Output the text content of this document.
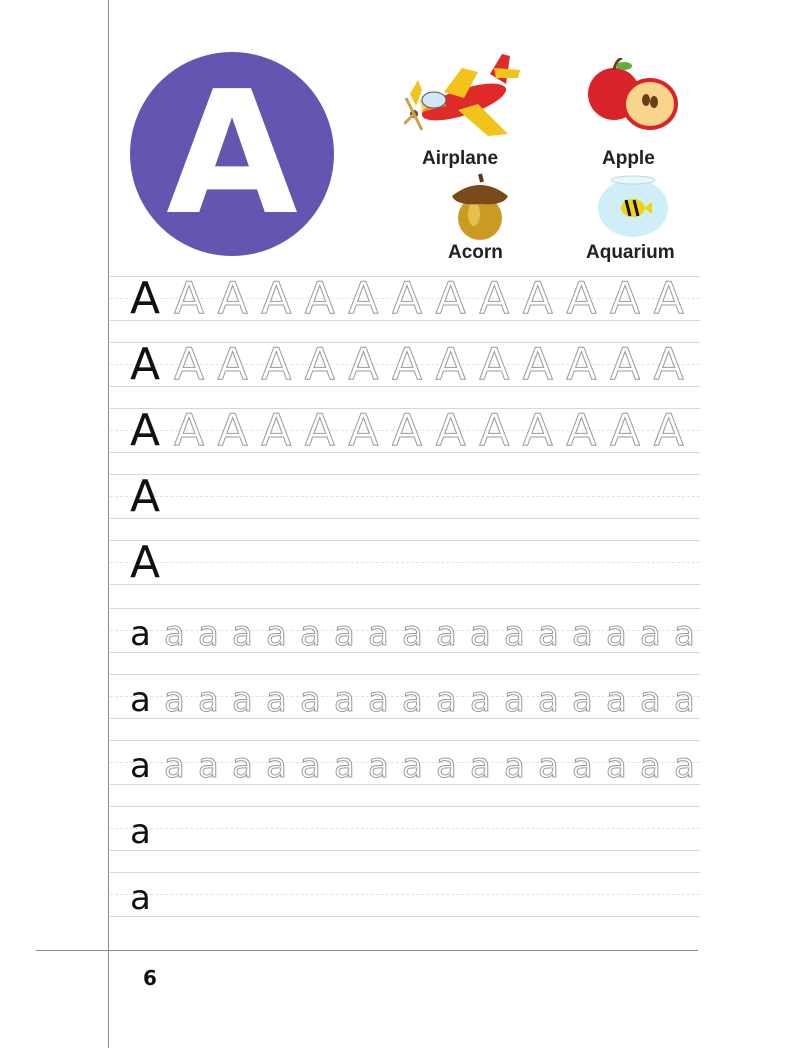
A	Airplane	Apple
Acorn	Aquarium
A A A A A A A A A A A A A
A A A A A A A A A A A A A
A A A A A A A A A A A A A
A
A
a a a a a a a a a a a a a a a a a
a a a a a a a a a a a a a a a a a
a a a a a a a a a a a a a a a a a
a
a
6
